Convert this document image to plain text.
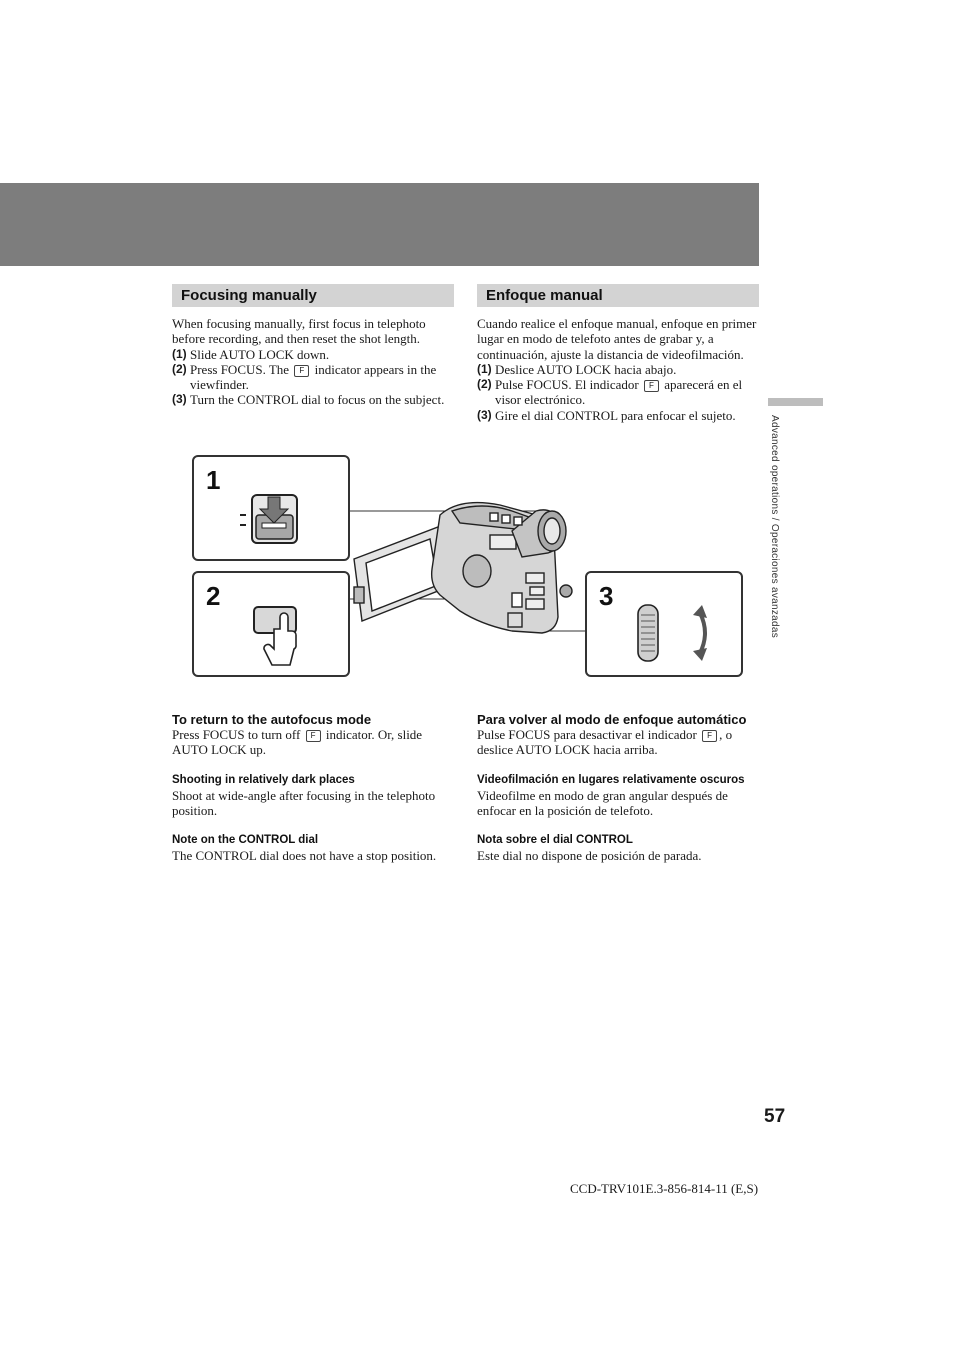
Advanced operations / Operaciones avanzadas
Focusing manually	Enfoque manual

When focusing manually, first focus in telephoto before recording, and then reset the shot length.

(1) Slide AUTO LOCK down.
(2) Press FOCUS. The F indicator appears in the viewfinder.
(3) Turn the CONTROL dial to focus on the subject.

Cuando realice el enfoque manual, enfoque en primer lugar en modo de telefoto antes de grabar y, a continuación, ajuste la distancia de videofilmación.

(1) Deslice AUTO LOCK hacia abajo.
(2) Pulse FOCUS. El indicador F aparecerá en el visor electrónico.
(3) Gire el dial CONTROL para enfocar el sujeto.
1
2	3

To return to the autofocus mode

Press FOCUS to turn off F indicator. Or, slide AUTO LOCK up.

Shooting in relatively dark places

Shoot at wide-angle after focusing in the telephoto position.

Note on the CONTROL dial

The CONTROL dial does not have a stop position.

Para volver al modo de enfoque automático

Pulse FOCUS para desactivar el indicador F , o deslice AUTO LOCK hacia arriba.

Videofilmación en lugares relativamente oscuros

Videofilme en modo de gran angular después de enfocar en la posición de telefoto.

Nota sobre el dial CONTROL

Este dial no dispone de posición de parada.

57
CCD-TRV101E.3-856-814-11 (E,S)
